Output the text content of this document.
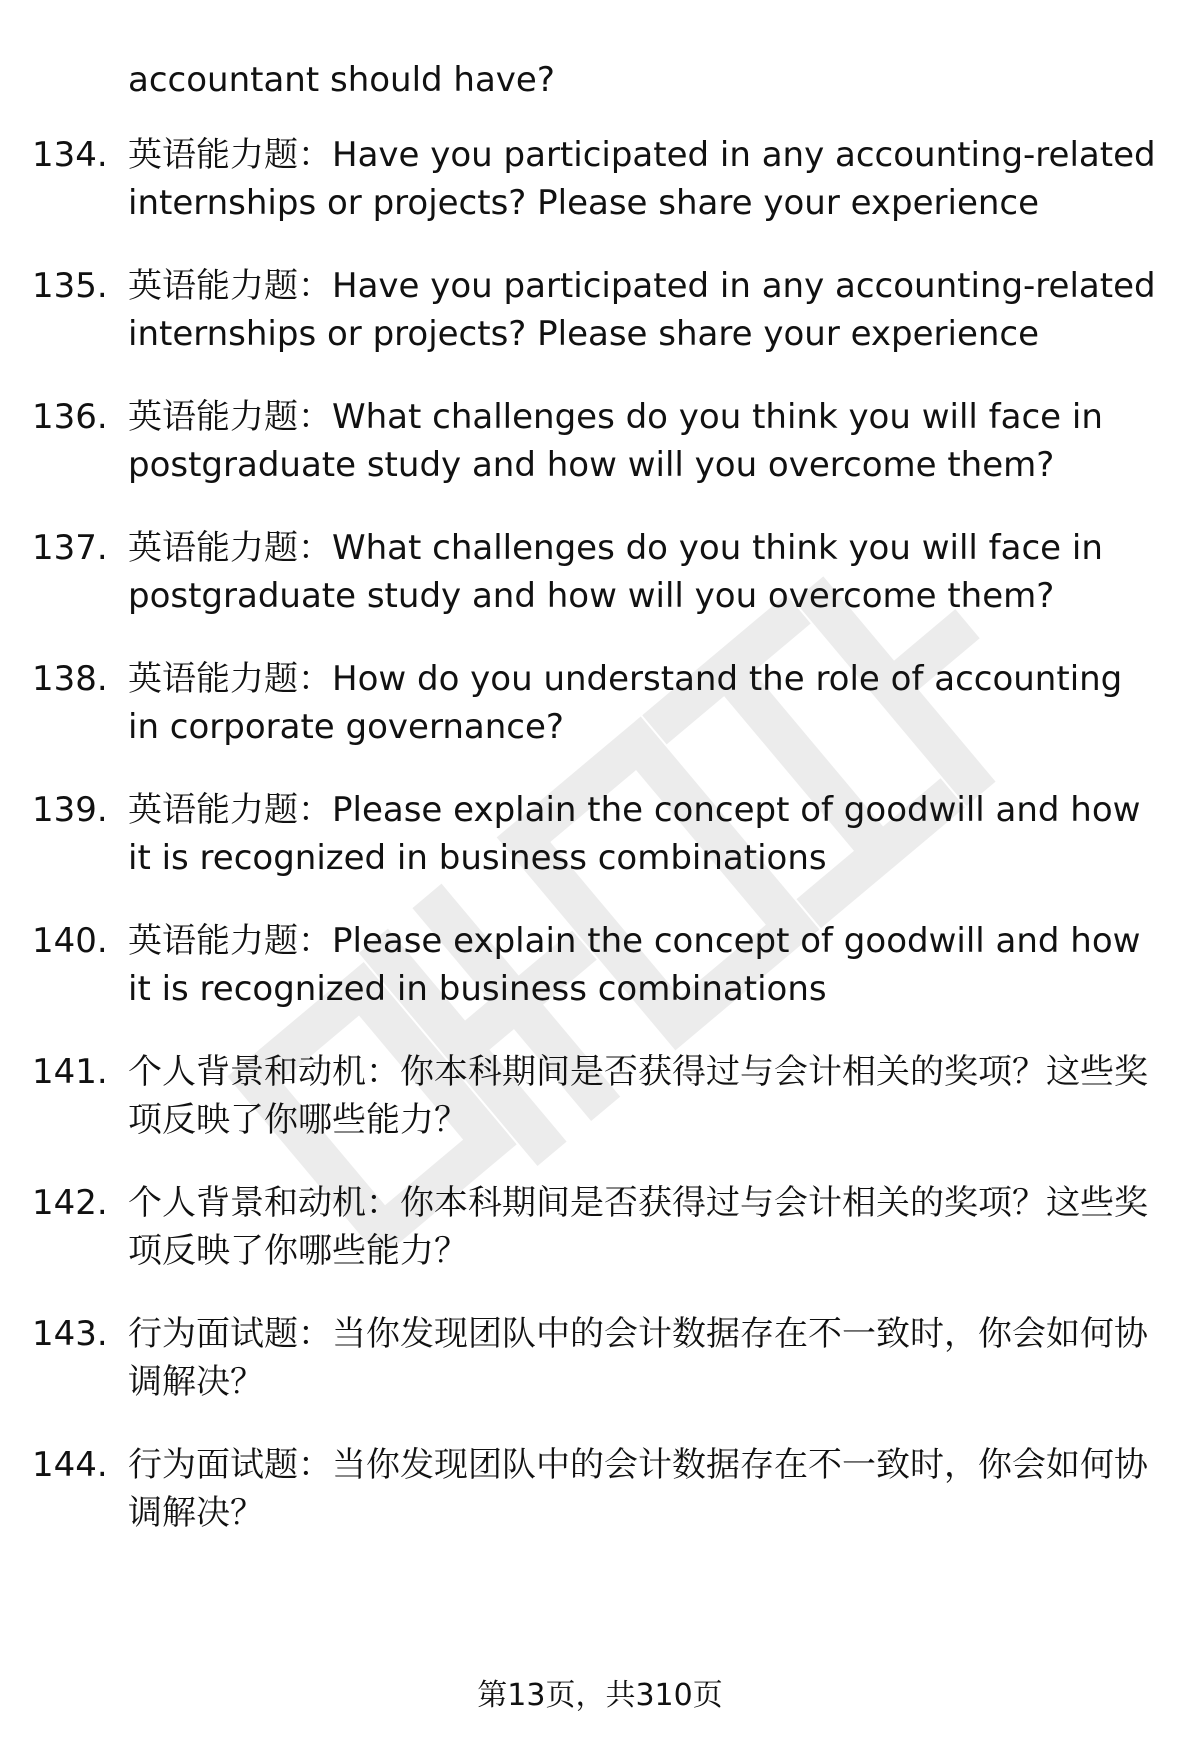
accountant should have?
134. 英语能力题：Have you participated in any accounting-related internships or projects? Please share your experience
135. 英语能力题：Have you participated in any accounting-related internships or projects? Please share your experience
136. 英语能力题：What challenges do you think you will face in postgraduate study and how will you overcome them?
137. 英语能力题：What challenges do you think you will face in postgraduate study and how will you overcome them?
138. 英语能力题：How do you understand the role of accounting in corporate governance?
139. 英语能力题：Please explain the concept of goodwill and how it is recognized in business combinations
140. 英语能力题：Please explain the concept of goodwill and how it is recognized in business combinations
141. 个人背景和动机：你本科期间是否获得过与会计相关的奖项？这些奖项反映了你哪些能力？
142. 个人背景和动机：你本科期间是否获得过与会计相关的奖项？这些奖项反映了你哪些能力？
143. 行为面试题：当你发现团队中的会计数据存在不一致时，你会如何协调解决？
144. 行为面试题：当你发现团队中的会计数据存在不一致时，你会如何协调解决？
第13页，共310页
